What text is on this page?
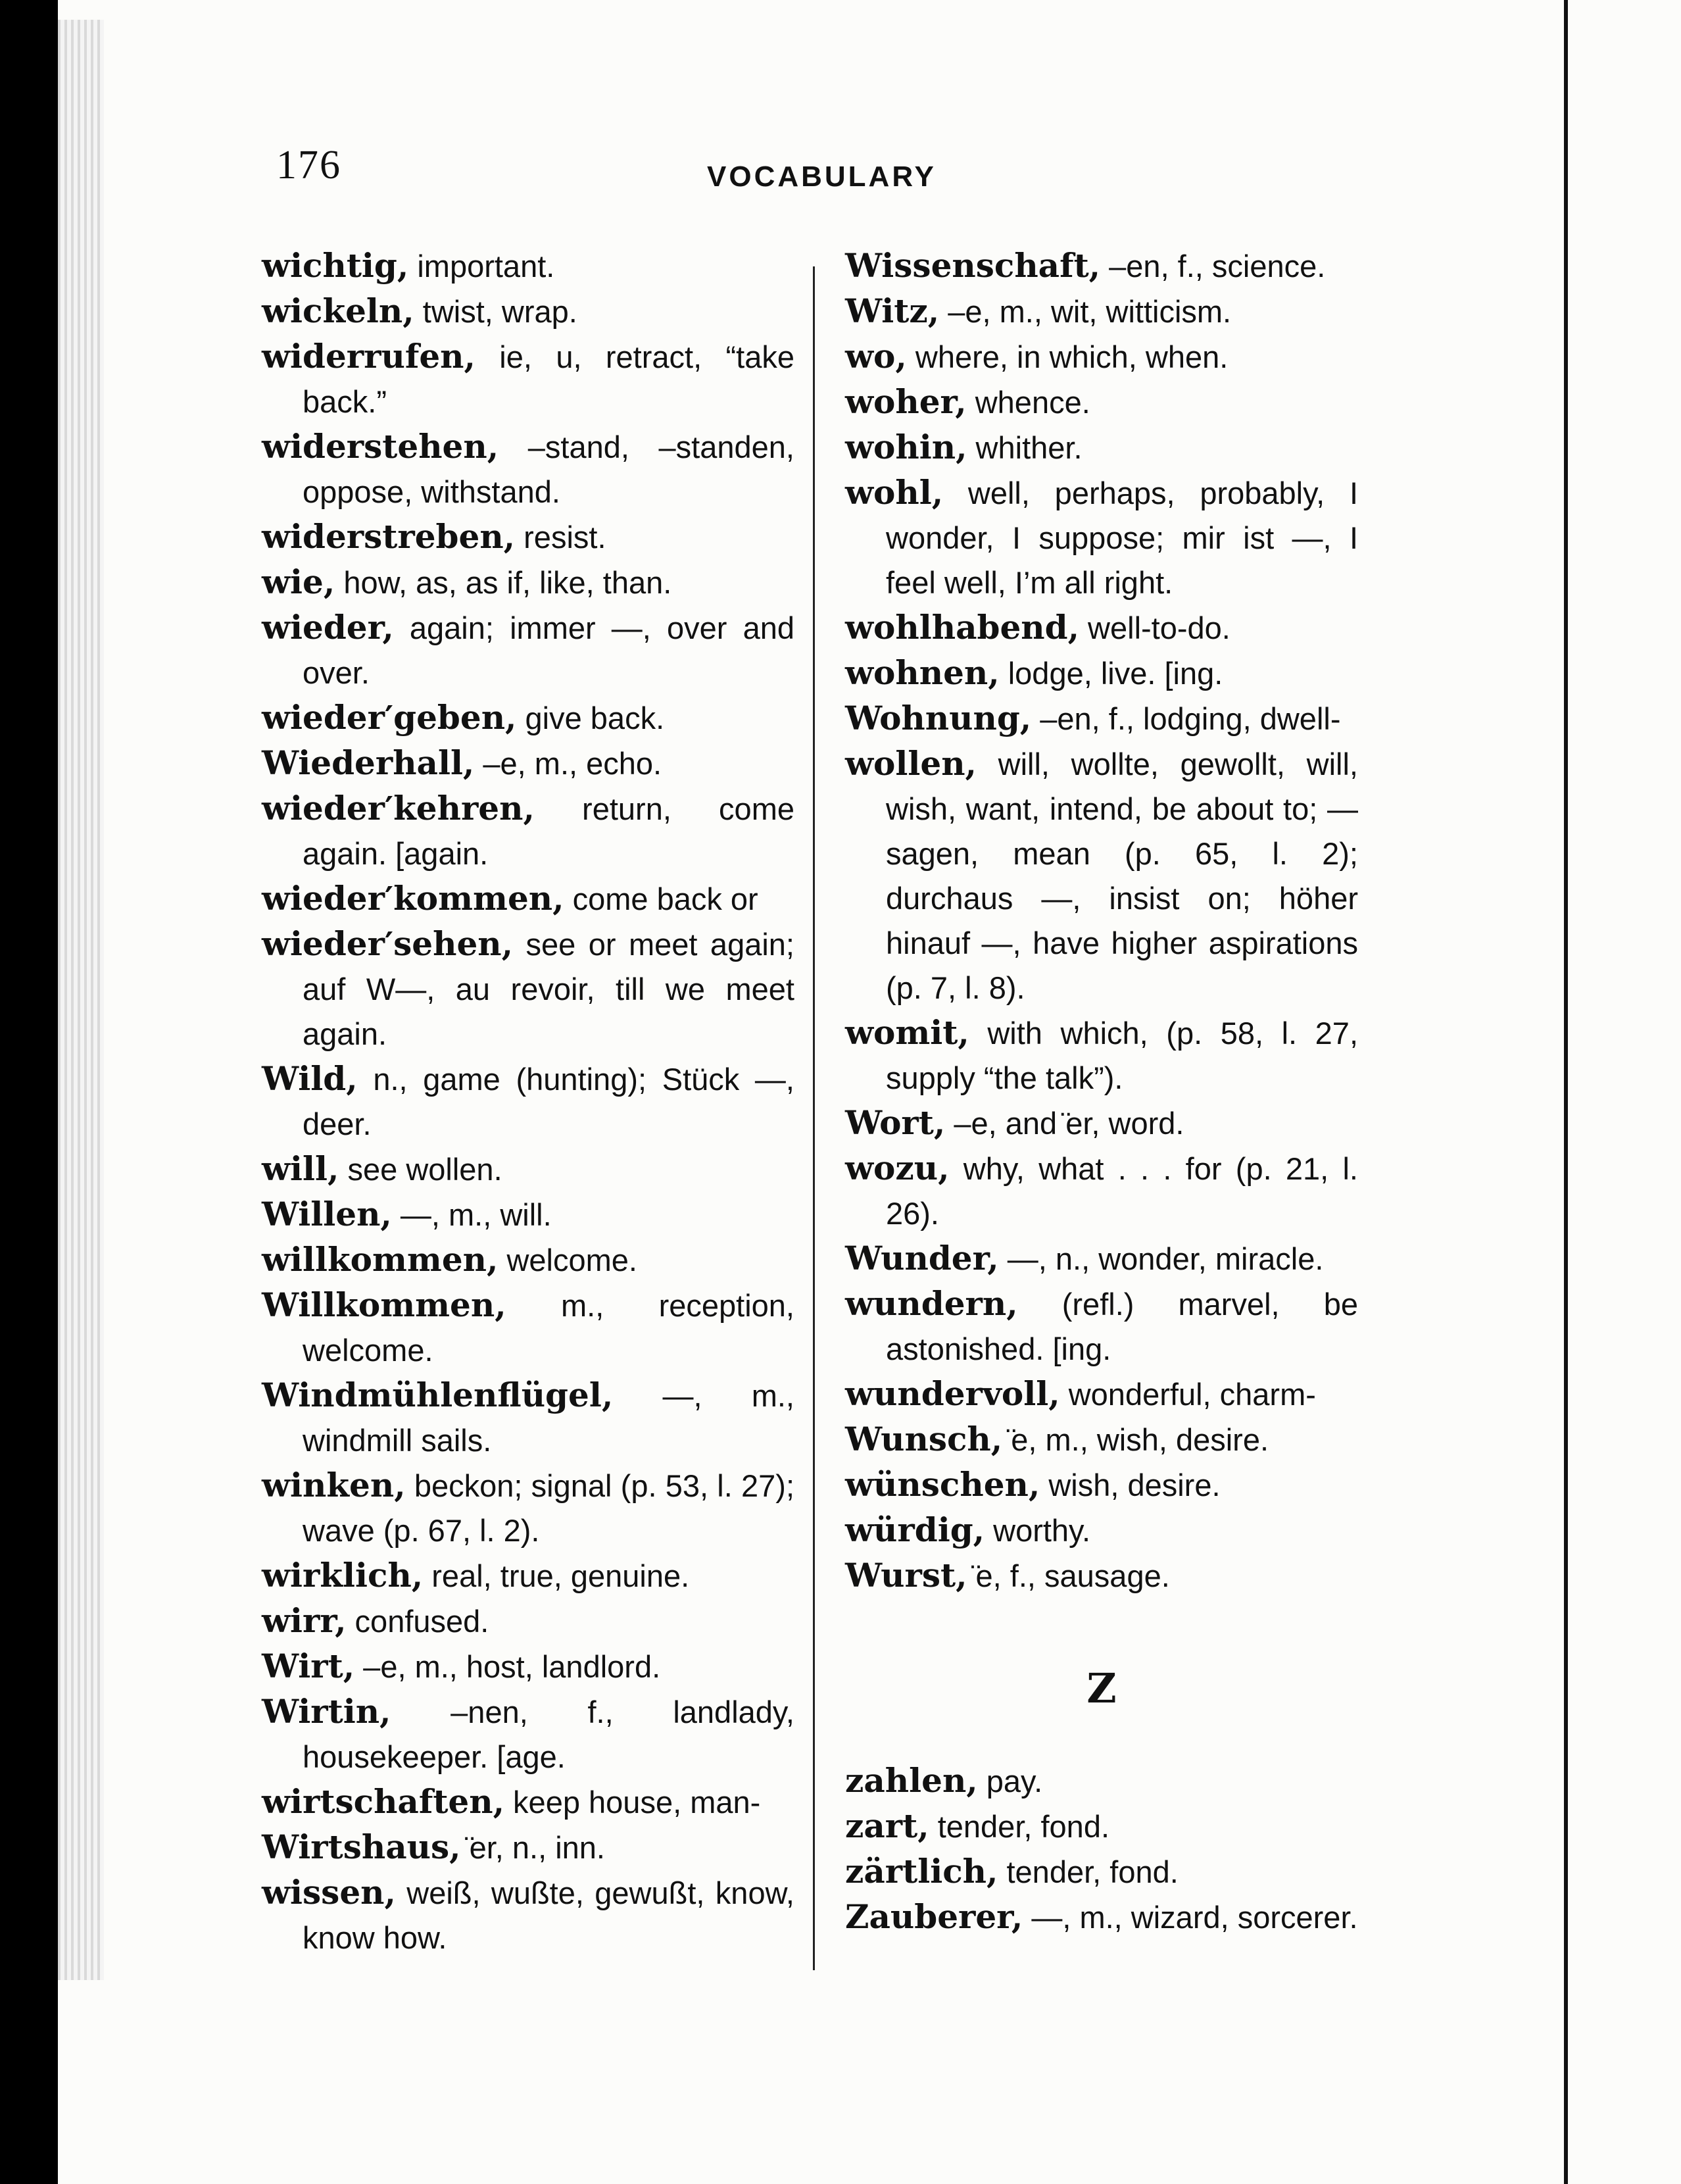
176	VOCABULARY
wichtig, important.
wickeln, twist, wrap.
widerrufen, ie, u, retract, “take back.”
widerstehen, –stand, –standen, oppose, withstand.
widerstreben, resist.
wie, how, as, as if, like, than.
wieder, again; immer —, over and over.
wieder′geben, give back.
Wiederhall, –e, m., echo.
wieder′kehren, return, come again. [again.
wieder′kommen, come back or
wieder′sehen, see or meet again; auf W—, au revoir, till we meet again.
Wild, n., game (hunting); Stück —, deer.
will, see wollen.
Willen, —, m., will.
willkommen, welcome.
Willkommen, m., reception, welcome.
Windmühlenflügel, —, m., windmill sails.
winken, beckon; signal (p. 53, l. 27); wave (p. 67, l. 2).
wirklich, real, true, genuine.
wirr, confused.
Wirt, –e, m., host, landlord.
Wirtin, –nen, f., landlady, housekeeper. [age.
wirtschaften, keep house, man-
Wirtshaus, ̈er, n., inn.
wissen, weiß, wußte, gewußt, know, know how.
Wissenschaft, –en, f., science.
Witz, –e, m., wit, witticism.
wo, where, in which, when.
woher, whence.
wohin, whither.
wohl, well, perhaps, probably, I wonder, I suppose; mir ist —, I feel well, I’m all right.
wohlhabend, well-to-do.
wohnen, lodge, live. [ing.
Wohnung, –en, f., lodging, dwell-
wollen, will, wollte, gewollt, will, wish, want, intend, be about to; — sagen, mean (p. 65, l. 2); durchaus —, insist on; höher hinauf —, have higher aspirations (p. 7, l. 8).
womit, with which, (p. 58, l. 27, supply “the talk”).
Wort, –e, and ̈er, word.
wozu, why, what . . . for (p. 21, l. 26).
Wunder, —, n., wonder, miracle.
wundern, (refl.) marvel, be astonished. [ing.
wundervoll, wonderful, charm-
Wunsch, ̈e, m., wish, desire.
wünschen, wish, desire.
würdig, worthy.
Wurst, ̈e, f., sausage.
Z
zahlen, pay.
zart, tender, fond.
zärtlich, tender, fond.
Zauberer, —, m., wizard, sorcerer.
